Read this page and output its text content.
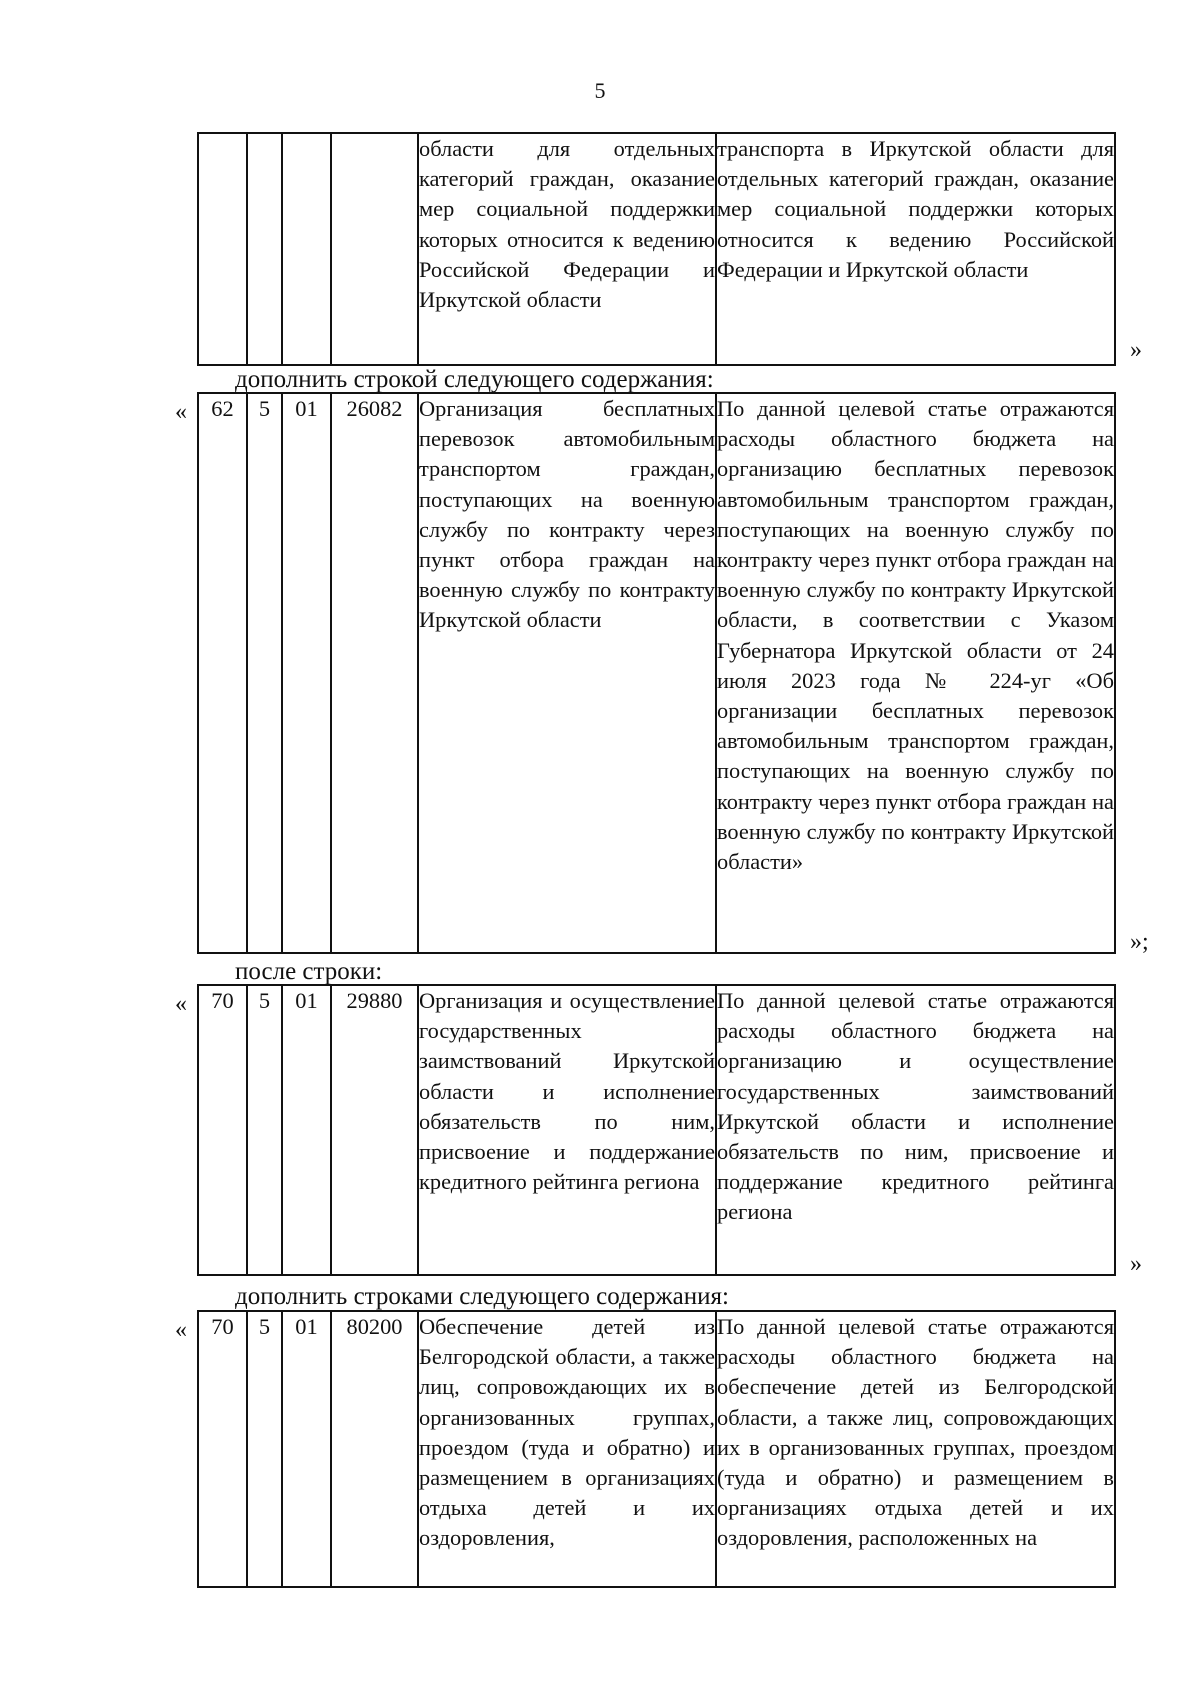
5
				области для отдельных категорий граждан, оказание мер социальной поддержки которых относится к ведению Российской Федерации и Иркутской области	транспорта в Иркутской области для отдельных категорий граждан, оказание мер социальной поддержки которых относится к ведению Российской Федерации и Иркутской области
»
дополнить строкой следующего содержания:
« 62	5	01	26082	Организация бесплатных перевозок автомобильным транспортом граждан, поступающих на военную службу по контракту через пункт отбора граждан на военную службу по контракту Иркутской области	По данной целевой статье отражаются расходы областного бюджета на организацию бесплатных перевозок автомобильным транспортом граждан, поступающих на военную службу по контракту через пункт отбора граждан на военную службу по контракту Иркутской области, в соответствии с Указом Губернатора Иркутской области от 24 июля 2023 года № 224-уг «Об организации бесплатных перевозок автомобильным транспортом граждан, поступающих на военную службу по контракту через пункт отбора граждан на военную службу по контракту Иркутской области»
»;
после строки:
« 70	5	01	29880	Организация и осуществление государственных заимствований Иркутской области и исполнение обязательств по ним, присвоение и поддержание кредитного рейтинга региона	По данной целевой статье отражаются расходы областного бюджета на организацию и осуществление государственных заимствований Иркутской области и исполнение обязательств по ним, присвоение и поддержание кредитного рейтинга региона
»
дополнить строками следующего содержания:
« 70	5	01	80200	Обеспечение детей из Белгородской области, а также лиц, сопровождающих их в организованных группах, проездом (туда и обратно) и размещением в организациях отдыха детей и их оздоровления,	По данной целевой статье отражаются расходы областного бюджета на обеспечение детей из Белгородской области, а также лиц, сопровождающих их в организованных группах, проездом (туда и обратно) и размещением в организациях отдыха детей и их оздоровления, расположенных на
